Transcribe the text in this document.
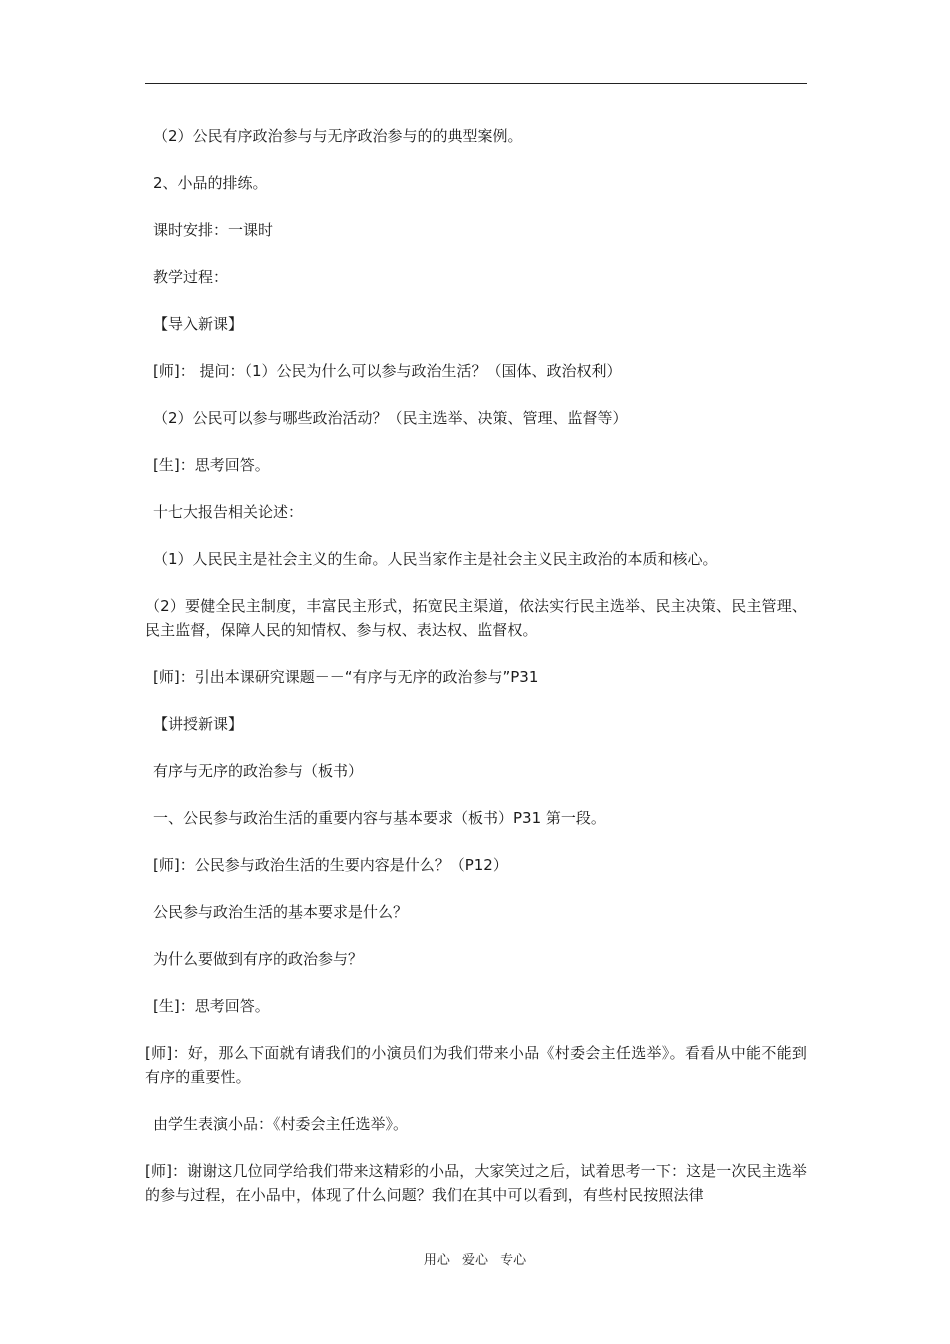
（2）公民有序政治参与与无序政治参与的的典型案例。

2、小品的排练。

课时安排：一课时

教学过程：

【导入新课】

[师]： 提问：（1）公民为什么可以参与政治生活？（国体、政治权利）

（2）公民可以参与哪些政治活动？（民主选举、决策、管理、监督等）

[生]：思考回答。

十七大报告相关论述：

（1）人民民主是社会主义的生命。人民当家作主是社会主义民主政治的本质和核心。

（2）要健全民主制度，丰富民主形式，拓宽民主渠道，依法实行民主选举、民主决策、民主管理、民主监督，保障人民的知情权、参与权、表达权、监督权。

[师]：引出本课研究课题－－“有序与无序的政治参与”P31

【讲授新课】

有序与无序的政治参与（板书）

一、公民参与政治生活的重要内容与基本要求（板书）P31 第一段。

[师]：公民参与政治生活的生要内容是什么？（P12）

公民参与政治生活的基本要求是什么？

为什么要做到有序的政治参与？

[生]：思考回答。

[师]：好，那么下面就有请我们的小演员们为我们带来小品《村委会主任选举》。看看从中能不能到有序的重要性。

由学生表演小品：《村委会主任选举》。

[师]：谢谢这几位同学给我们带来这精彩的小品，大家笑过之后，试着思考一下：这是一次民主选举的参与过程，在小品中，体现了什么问题？我们在其中可以看到，有些村民按照法律

用心 爱心 专心
